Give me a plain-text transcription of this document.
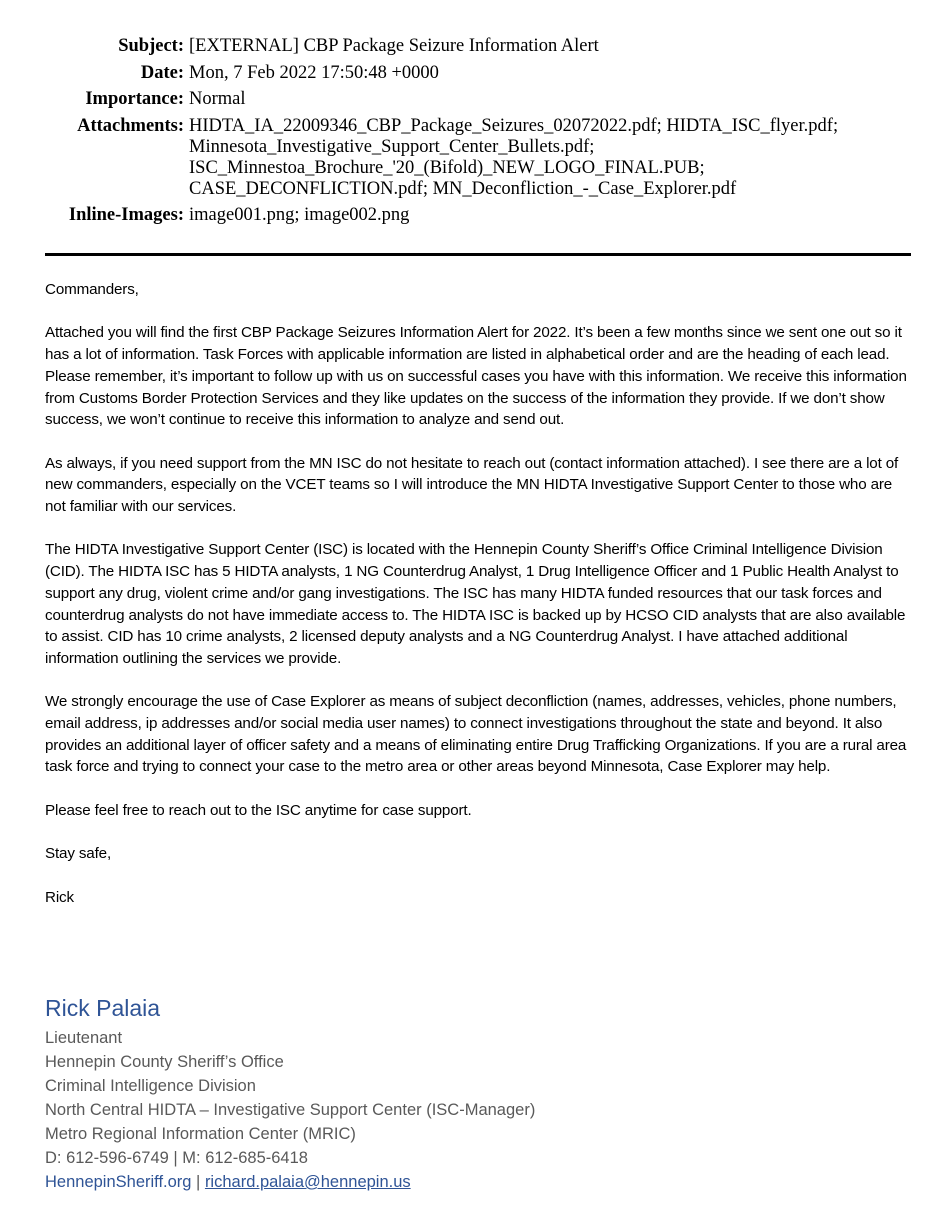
Subject: [EXTERNAL] CBP Package Seizure Information Alert
Date: Mon, 7 Feb 2022 17:50:48 +0000
Importance: Normal
Attachments: HIDTA_IA_22009346_CBP_Package_Seizures_02072022.pdf; HIDTA_ISC_flyer.pdf;
Minnesota_Investigative_Support_Center_Bullets.pdf;
ISC_Minnestoa_Brochure_'20_(Bifold)_NEW_LOGO_FINAL.PUB;
CASE_DECONFLICTION.pdf; MN_Deconfliction_-_Case_Explorer.pdf
Inline-Images: image001.png; image002.png

Commanders,

Attached you will find the first CBP Package Seizures Information Alert for 2022. It’s been a few months since we sent one out so it has a lot of information. Task Forces with applicable information are listed in alphabetical order and are the heading of each lead. Please remember, it’s important to follow up with us on successful cases you have with this information. We receive this information from Customs Border Protection Services and they like updates on the success of the information they provide. If we don’t show success, we won’t continue to receive this information to analyze and send out.

As always, if you need support from the MN ISC do not hesitate to reach out (contact information attached). I see there are a lot of new commanders, especially on the VCET teams so I will introduce the MN HIDTA Investigative Support Center to those who are not familiar with our services.

The HIDTA Investigative Support Center (ISC) is located with the Hennepin County Sheriff’s Office Criminal Intelligence Division (CID). The HIDTA ISC has 5 HIDTA analysts, 1 NG Counterdrug Analyst, 1 Drug Intelligence Officer and 1 Public Health Analyst to support any drug, violent crime and/or gang investigations. The ISC has many HIDTA funded resources that our task forces and counterdrug analysts do not have immediate access to. The HIDTA ISC is backed up by HCSO CID analysts that are also available to assist. CID has 10 crime analysts, 2 licensed deputy analysts and a NG Counterdrug Analyst. I have attached additional information outlining the services we provide.

We strongly encourage the use of Case Explorer as means of subject deconfliction (names, addresses, vehicles, phone numbers, email address, ip addresses and/or social media user names) to connect investigations throughout the state and beyond. It also provides an additional layer of officer safety and a means of eliminating entire Drug Trafficking Organizations. If you are a rural area task force and trying to connect your case to the metro area or other areas beyond Minnesota, Case Explorer may help.

Please feel free to reach out to the ISC anytime for case support.

Stay safe,

Rick

Rick Palaia
Lieutenant
Hennepin County Sheriff’s Office
Criminal Intelligence Division
North Central HIDTA – Investigative Support Center (ISC-Manager)
Metro Regional Information Center (MRIC)
D: 612-596-6749 | M: 612-685-6418
HennepinSheriff.org | richard.palaia@hennepin.us
